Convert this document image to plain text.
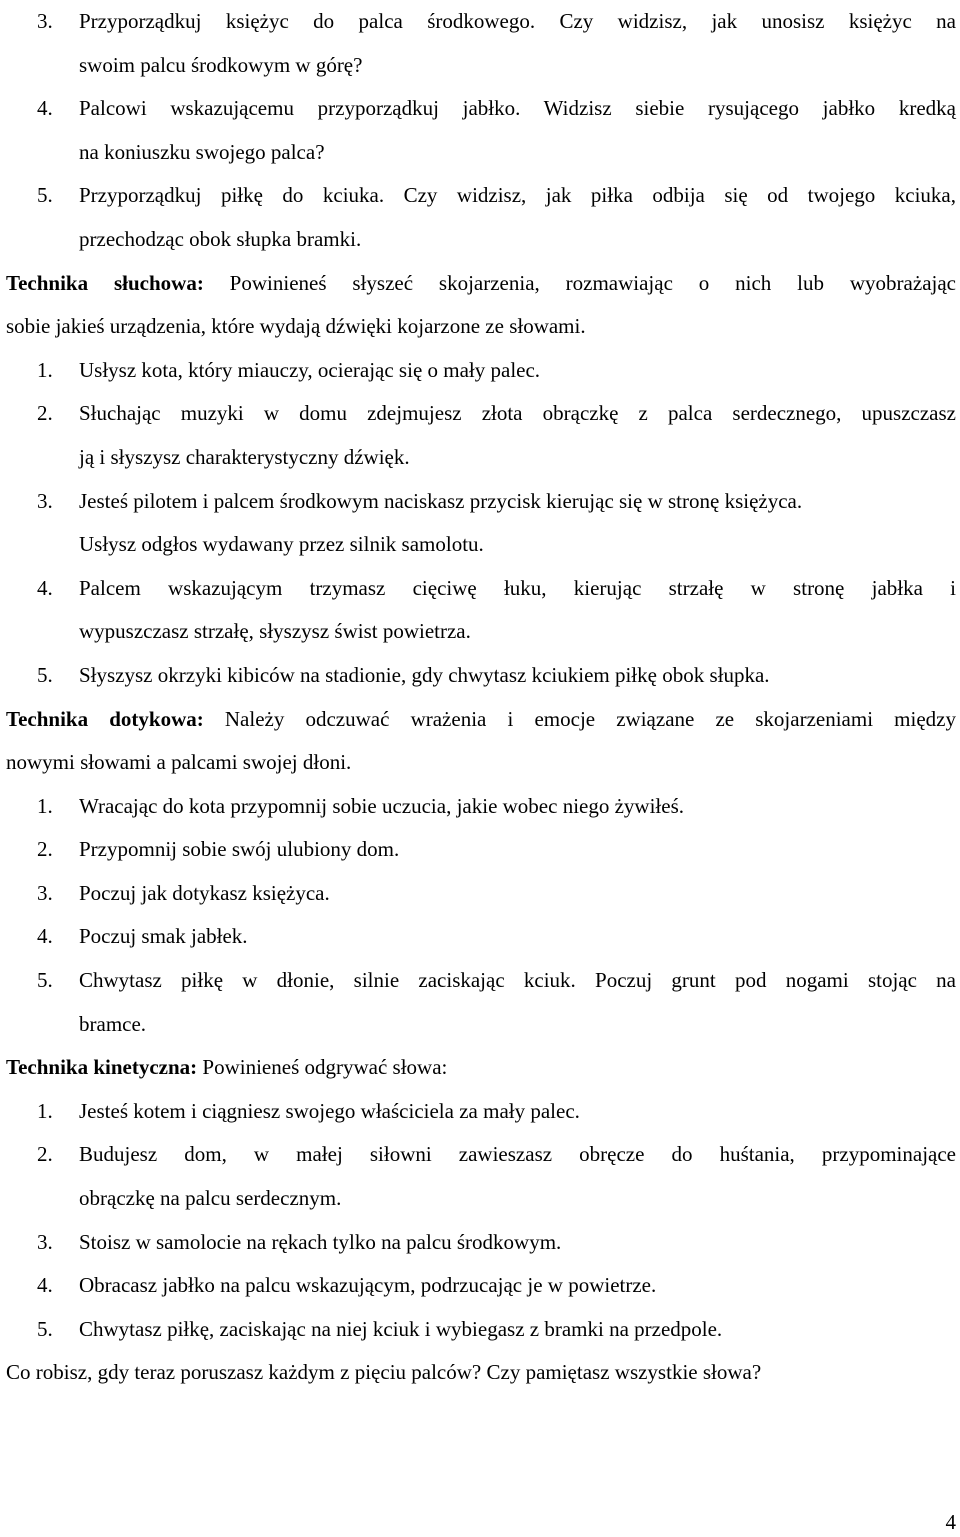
3.	Przyporządkuj księżyc do palca środkowego. Czy widzisz, jak unosisz księżyc na

swoim palcu środkowym w górę?

4.	Palcowi wskazującemu przyporządkuj jabłko. Widzisz siebie rysującego jabłko kredką

na koniuszku swojego palca?

5.	Przyporządkuj piłkę do kciuka. Czy widzisz, jak piłka odbija się od twojego kciuka,

przechodząc obok słupka bramki.

Technika słuchowa: Powinieneś słyszeć skojarzenia, rozmawiając o nich lub wyobrażając

sobie jakieś urządzenia, które wydają dźwięki kojarzone ze słowami.

1.	Usłysz kota, który miauczy, ocierając się o mały palec.

2.	Słuchając muzyki w domu zdejmujesz złota obrączkę z palca serdecznego, upuszczasz

ją i słyszysz charakterystyczny dźwięk.

3.	Jesteś pilotem i palcem środkowym naciskasz przycisk kierując się w stronę księżyca.

Usłysz odgłos wydawany przez silnik samolotu.

4.	Palcem wskazującym trzymasz cięciwę łuku, kierując strzałę w stronę jabłka i

wypuszczasz strzałę, słyszysz świst powietrza.

5.	Słyszysz okrzyki kibiców na stadionie, gdy chwytasz kciukiem piłkę obok słupka.

Technika dotykowa: Należy odczuwać wrażenia i emocje związane ze skojarzeniami między

nowymi słowami a palcami swojej dłoni.

1.	Wracając do kota przypomnij sobie uczucia, jakie wobec niego żywiłeś.

2.	Przypomnij sobie swój ulubiony dom.

3.	Poczuj jak dotykasz księżyca.

4.	Poczuj smak jabłek.

5.	Chwytasz piłkę w dłonie, silnie zaciskając kciuk. Poczuj grunt pod nogami stojąc na

bramce.

Technika kinetyczna: Powinieneś odgrywać słowa:

1.	Jesteś kotem i ciągniesz swojego właściciela za mały palec.

2.	Budujesz dom, w małej siłowni zawieszasz obręcze do huśtania, przypominające

obrączkę na palcu serdecznym.

3.	Stoisz w samolocie na rękach tylko na palcu środkowym.

4.	Obracasz jabłko na palcu wskazującym, podrzucając je w powietrze.

5.	Chwytasz piłkę, zaciskając na niej kciuk i wybiegasz z bramki na przedpole.

Co robisz, gdy teraz poruszasz każdym z pięciu palców? Czy pamiętasz wszystkie słowa?

4
